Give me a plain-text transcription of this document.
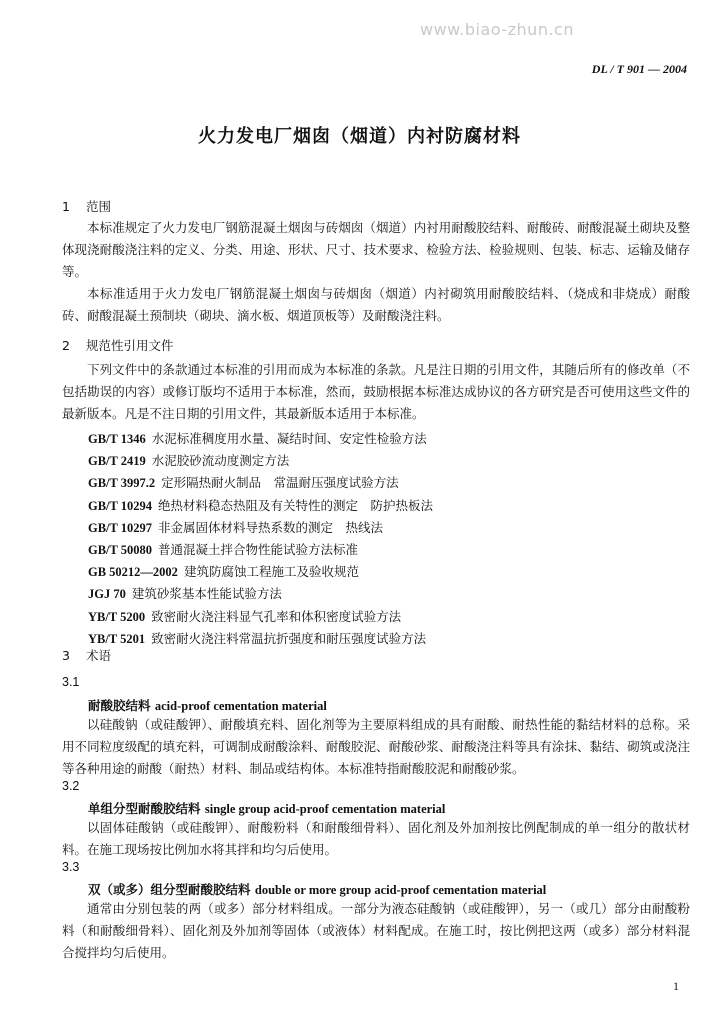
www.biao-zhun.cn
DL / T 901 — 2004
火力发电厂烟囱（烟道）内衬防腐材料
1 范围

本标准规定了火力发电厂钢筋混凝土烟囱与砖烟囱（烟道）内衬用耐酸胶结料、耐酸砖、耐酸混凝土砌块及整体现浇耐酸浇注料的定义、分类、用途、形状、尺寸、技术要求、检验方法、检验规则、包装、标志、运输及储存等。

本标准适用于火力发电厂钢筋混凝土烟囱与砖烟囱（烟道）内衬砌筑用耐酸胶结料、（烧成和非烧成）耐酸砖、耐酸混凝土预制块（砌块、滴水板、烟道顶板等）及耐酸浇注料。

2 规范性引用文件

下列文件中的条款通过本标准的引用而成为本标准的条款。凡是注日期的引用文件，其随后所有的修改单（不包括勘误的内容）或修订版均不适用于本标准，然而，鼓励根据本标准达成协议的各方研究是否可使用这些文件的最新版本。凡是不注日期的引用文件，其最新版本适用于本标准。

GB/T 1346 水泥标准稠度用水量、凝结时间、安定性检验方法
GB/T 2419 水泥胶砂流动度测定方法
GB/T 3997.2 定形隔热耐火制品　常温耐压强度试验方法
GB/T 10294 绝热材料稳态热阻及有关特性的测定　防护热板法
GB/T 10297 非金属固体材料导热系数的测定　热线法
GB/T 50080 普通混凝土拌合物性能试验方法标准
GB 50212—2002 建筑防腐蚀工程施工及验收规范
JGJ 70 建筑砂浆基本性能试验方法
YB/T 5200 致密耐火浇注料显气孔率和体积密度试验方法
YB/T 5201 致密耐火浇注料常温抗折强度和耐压强度试验方法
3 术语
3.1
耐酸胶结料 acid-proof cementation material

以硅酸钠（或硅酸钾）、耐酸填充料、固化剂等为主要原料组成的具有耐酸、耐热性能的黏结材料的总称。采用不同粒度级配的填充料，可调制成耐酸涂料、耐酸胶泥、耐酸砂浆、耐酸浇注料等具有涂抹、黏结、砌筑或浇注等各种用途的耐酸（耐热）材料、制品或结构体。本标准特指耐酸胶泥和耐酸砂浆。

3.2
单组分型耐酸胶结料 single group acid-proof cementation material

以固体硅酸钠（或硅酸钾）、耐酸粉料（和耐酸细骨料）、固化剂及外加剂按比例配制成的单一组分的散状材料。在施工现场按比例加水将其拌和均匀后使用。

3.3
双（或多）组分型耐酸胶结料 double or more group acid-proof cementation material

通常由分别包装的两（或多）部分材料组成。一部分为液态硅酸钠（或硅酸钾），另一（或几）部分由耐酸粉料（和耐酸细骨料）、固化剂及外加剂等固体（或液体）材料配成。在施工时，按比例把这两（或多）部分材料混合搅拌均匀后使用。

1
